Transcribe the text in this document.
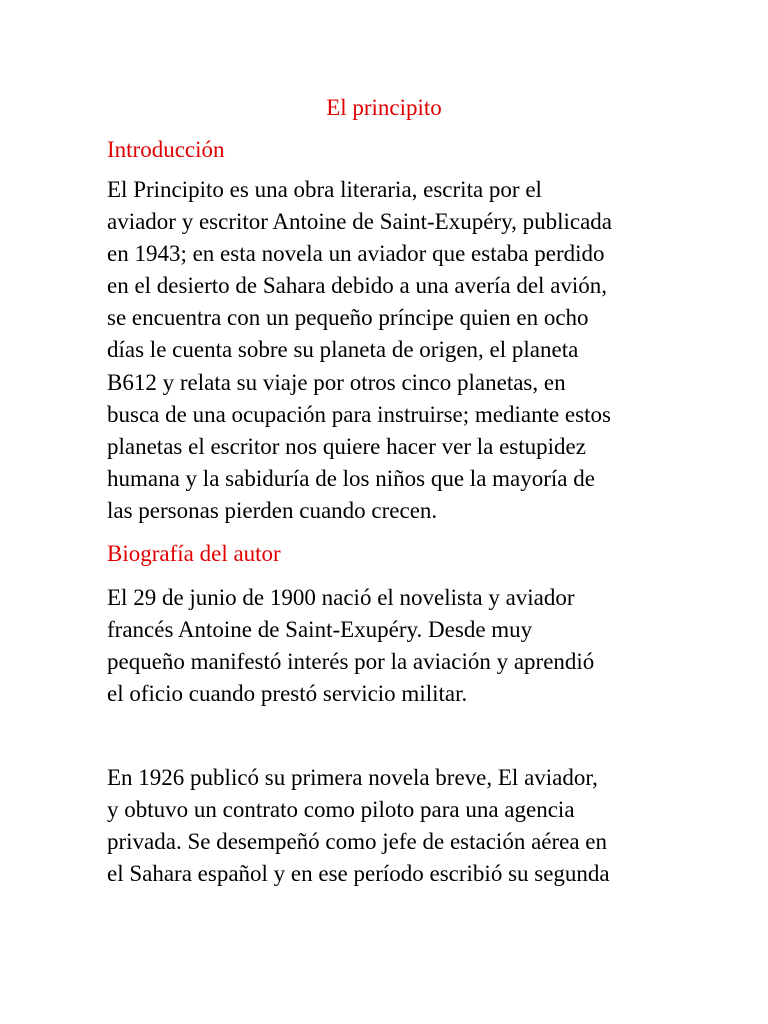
El principito
Introducción

El Principito es una obra literaria, escrita por el
aviador y escritor Antoine de Saint-Exupéry, publicada
en 1943; en esta novela un aviador que estaba perdido
en el desierto de Sahara debido a una avería del avión,
se encuentra con un pequeño príncipe quien en ocho
días le cuenta sobre su planeta de origen, el planeta
B612 y relata su viaje por otros cinco planetas, en
busca de una ocupación para instruirse; mediante estos
planetas el escritor nos quiere hacer ver la estupidez
humana y la sabiduría de los niños que la mayoría de
las personas pierden cuando crecen.

Biografía del autor

El 29 de junio de 1900 nació el novelista y aviador
francés Antoine de Saint-Exupéry. Desde muy
pequeño manifestó interés por la aviación y aprendió
el oficio cuando prestó servicio militar.

En 1926 publicó su primera novela breve, El aviador,
y obtuvo un contrato como piloto para una agencia
privada. Se desempeñó como jefe de estación aérea en
el Sahara español y en ese período escribió su segunda
